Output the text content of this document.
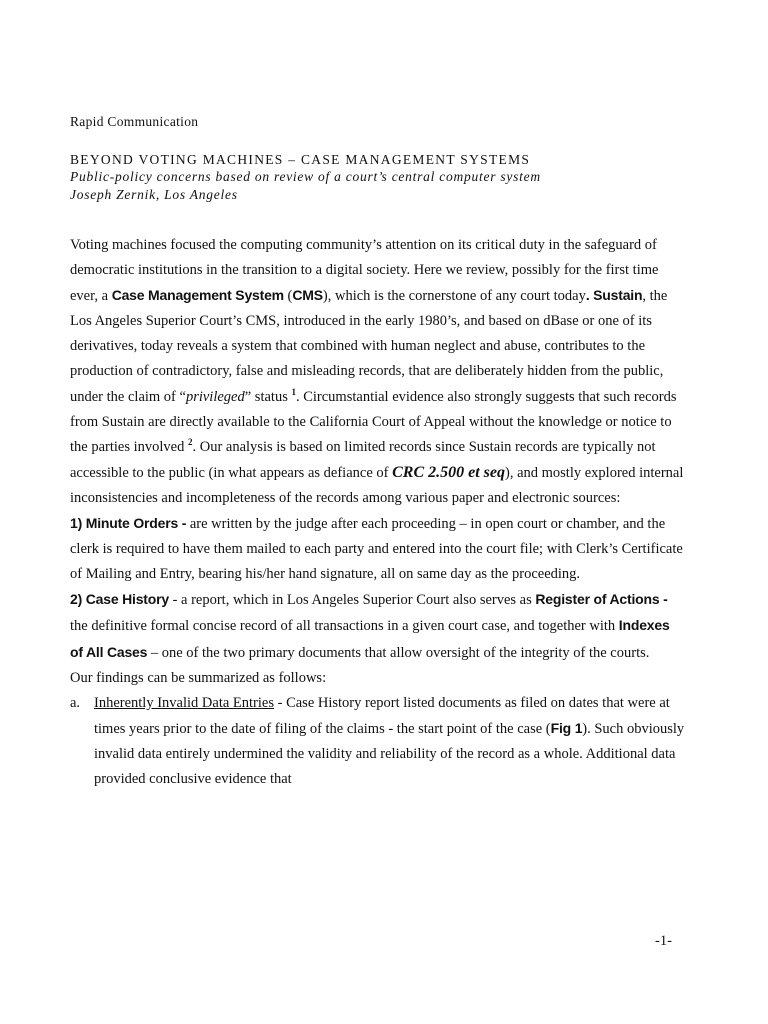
Rapid Communication
BEYOND VOTING MACHINES – CASE MANAGEMENT SYSTEMS
Public-policy concerns based on review of a court’s central computer system
Joseph Zernik, Los Angeles

Voting machines focused the computing community’s attention on its critical duty in the safeguard of democratic institutions in the transition to a digital society. Here we review, possibly for the first time ever, a Case Management System (CMS), which is the cornerstone of any court today. Sustain, the Los Angeles Superior Court’s CMS, introduced in the early 1980’s, and based on dBase or one of its derivatives, today reveals a system that combined with human neglect and abuse, contributes to the production of contradictory, false and misleading records, that are deliberately hidden from the public, under the claim of “privileged” status $^1$. Circumstantial evidence also strongly suggests that such records from Sustain are directly available to the California Court of Appeal without the knowledge or notice to the parties involved $^2$. Our analysis is based on limited records since Sustain records are typically not accessible to the public (in what appears as defiance of CRC 2.500 et seq), and mostly explored internal inconsistencies and incompleteness of the records among various paper and electronic sources:

1) Minute Orders - are written by the judge after each proceeding – in open court or chamber, and the clerk is required to have them mailed to each party and entered into the court file; with Clerk’s Certificate of Mailing and Entry, bearing his/her hand signature, all on same day as the proceeding.

2) Case History - a report, which in Los Angeles Superior Court also serves as Register of Actions - the definitive formal concise record of all transactions in a given court case, and together with Indexes of All Cases – one of the two primary documents that allow oversight of the integrity of the courts.

Our findings can be summarized as follows:

a. Inherently Invalid Data Entries - Case History report listed documents as filed on dates that were at times years prior to the date of filing of the claims - the start point of the case (Fig 1). Such obviously invalid data entirely undermined the validity and reliability of the record as a whole. Additional data provided conclusive evidence that
-1-
